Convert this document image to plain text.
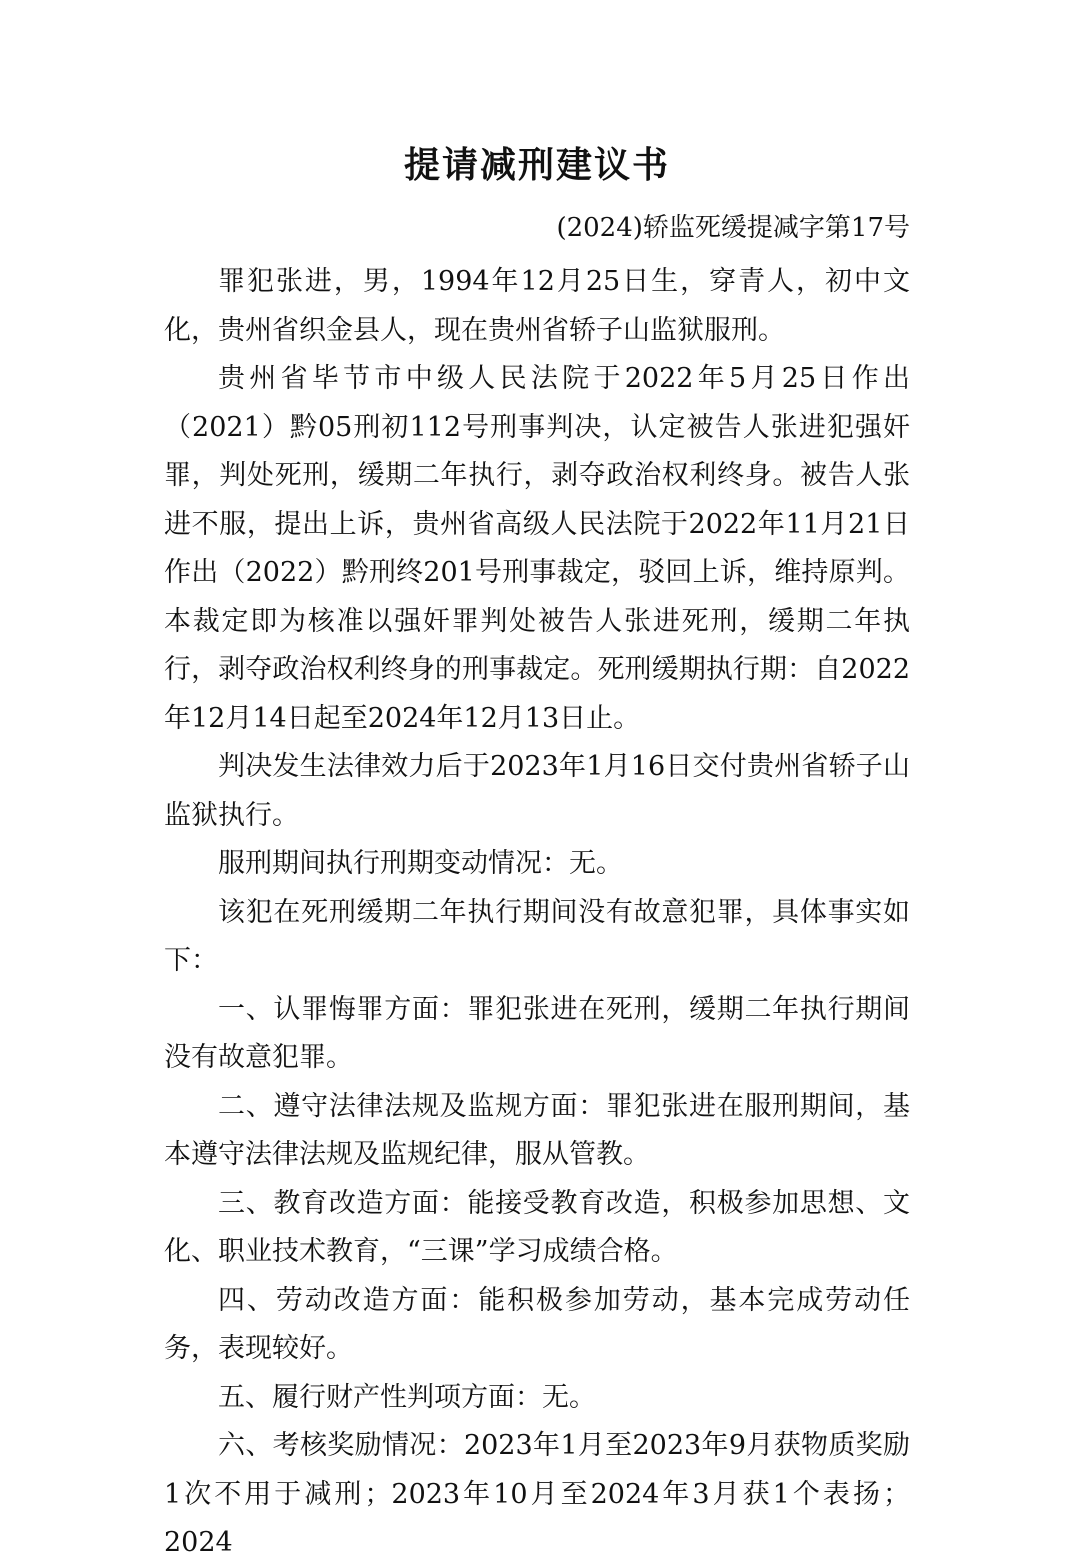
提请减刑建议书
(2024)轿监死缓提减字第17号

罪犯张进，男，1994年12月25日生，穿青人，初中文化，贵州省织金县人，现在贵州省轿子山监狱服刑。

贵州省毕节市中级人民法院于2022年5月25日作出（2021）黔05刑初112号刑事判决，认定被告人张进犯强奸罪，判处死刑，缓期二年执行，剥夺政治权利终身。被告人张进不服，提出上诉，贵州省高级人民法院于2022年11月21日作出（2022）黔刑终201号刑事裁定，驳回上诉，维持原判。本裁定即为核准以强奸罪判处被告人张进死刑，缓期二年执行，剥夺政治权利终身的刑事裁定。死刑缓期执行期：自2022年12月14日起至2024年12月13日止。

判决发生法律效力后于2023年1月16日交付贵州省轿子山监狱执行。

服刑期间执行刑期变动情况：无。

该犯在死刑缓期二年执行期间没有故意犯罪，具体事实如下：

一、认罪悔罪方面：罪犯张进在死刑，缓期二年执行期间没有故意犯罪。

二、遵守法律法规及监规方面：罪犯张进在服刑期间，基本遵守法律法规及监规纪律，服从管教。

三、教育改造方面：能接受教育改造，积极参加思想、文化、职业技术教育，“三课”学习成绩合格。

四、劳动改造方面：能积极参加劳动，基本完成劳动任务，表现较好。

五、履行财产性判项方面：无。

六、考核奖励情况：2023年1月至2023年9月获物质奖励1次不用于减刑；2023年10月至2024年3月获1个表扬；2024
